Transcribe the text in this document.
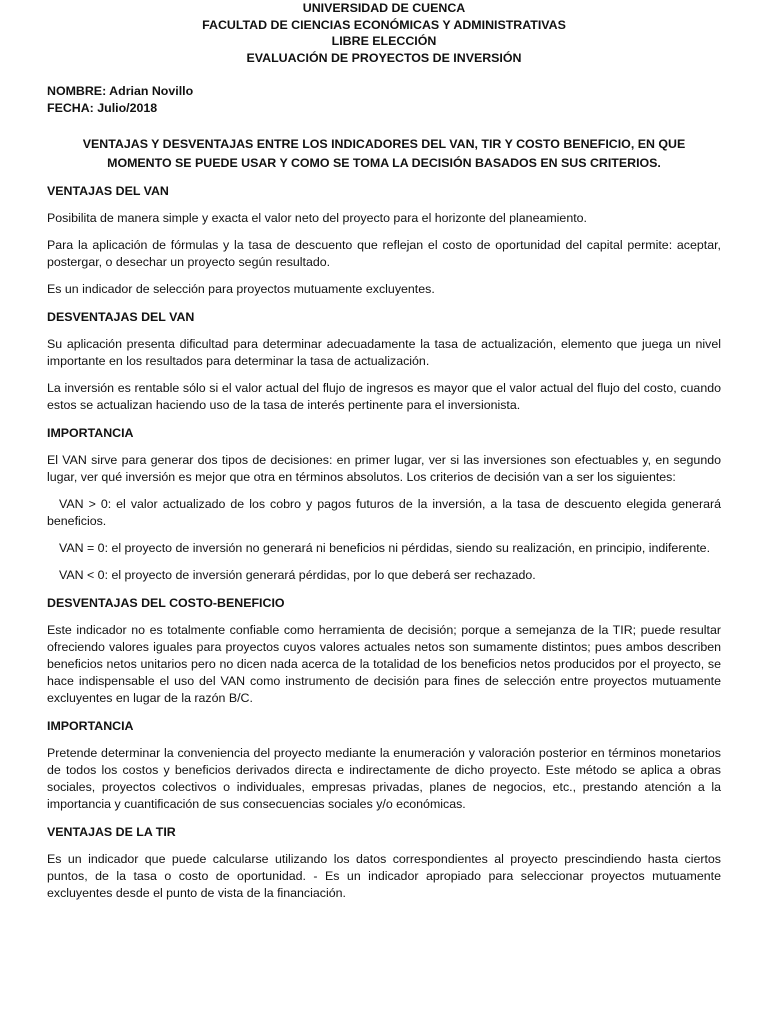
UNIVERSIDAD DE CUENCA
FACULTAD DE CIENCIAS ECONÓMICAS Y ADMINISTRATIVAS
LIBRE ELECCIÓN
EVALUACIÓN DE PROYECTOS DE INVERSIÓN
NOMBRE: Adrian Novillo
FECHA: Julio/2018
VENTAJAS Y DESVENTAJAS ENTRE LOS INDICADORES DEL VAN, TIR Y COSTO BENEFICIO, EN QUE MOMENTO SE PUEDE USAR Y COMO SE TOMA LA DECISIÓN BASADOS EN SUS CRITERIOS.
VENTAJAS DEL VAN

Posibilita de manera simple y exacta el valor neto del proyecto para el horizonte del planeamiento.

Para la aplicación de fórmulas y la tasa de descuento que reflejan el costo de oportunidad del capital permite: aceptar, postergar, o desechar un proyecto según resultado.

Es un indicador de selección para proyectos mutuamente excluyentes.

DESVENTAJAS DEL VAN

Su aplicación presenta dificultad para determinar adecuadamente la tasa de actualización, elemento que juega un nivel importante en los resultados para determinar la tasa de actualización.

La inversión es rentable sólo si el valor actual del flujo de ingresos es mayor que el valor actual del flujo del costo, cuando estos se actualizan haciendo uso de la tasa de interés pertinente para el inversionista.

IMPORTANCIA

El VAN sirve para generar dos tipos de decisiones: en primer lugar, ver si las inversiones son efectuables y, en segundo lugar, ver qué inversión es mejor que otra en términos absolutos. Los criterios de decisión van a ser los siguientes:

VAN > 0: el valor actualizado de los cobro y pagos futuros de la inversión, a la tasa de descuento elegida generará beneficios.

VAN = 0: el proyecto de inversión no generará ni beneficios ni pérdidas, siendo su realización, en principio, indiferente.

VAN < 0: el proyecto de inversión generará pérdidas, por lo que deberá ser rechazado.

DESVENTAJAS DEL COSTO-BENEFICIO

Este indicador no es totalmente confiable como herramienta de decisión; porque a semejanza de la TIR; puede resultar ofreciendo valores iguales para proyectos cuyos valores actuales netos son sumamente distintos; pues ambos describen beneficios netos unitarios pero no dicen nada acerca de la totalidad de los beneficios netos producidos por el proyecto, se hace indispensable el uso del VAN como instrumento de decisión para fines de selección entre proyectos mutuamente excluyentes en lugar de la razón B/C.

IMPORTANCIA

Pretende determinar la conveniencia del proyecto mediante la enumeración y valoración posterior en términos monetarios de todos los costos y beneficios derivados directa e indirectamente de dicho proyecto. Este método se aplica a obras sociales, proyectos colectivos o individuales, empresas privadas, planes de negocios, etc., prestando atención a la importancia y cuantificación de sus consecuencias sociales y/o económicas.

VENTAJAS DE LA TIR

Es un indicador que puede calcularse utilizando los datos correspondientes al proyecto prescindiendo hasta ciertos puntos, de la tasa o costo de oportunidad. - Es un indicador apropiado para seleccionar proyectos mutuamente excluyentes desde el punto de vista de la financiación.
